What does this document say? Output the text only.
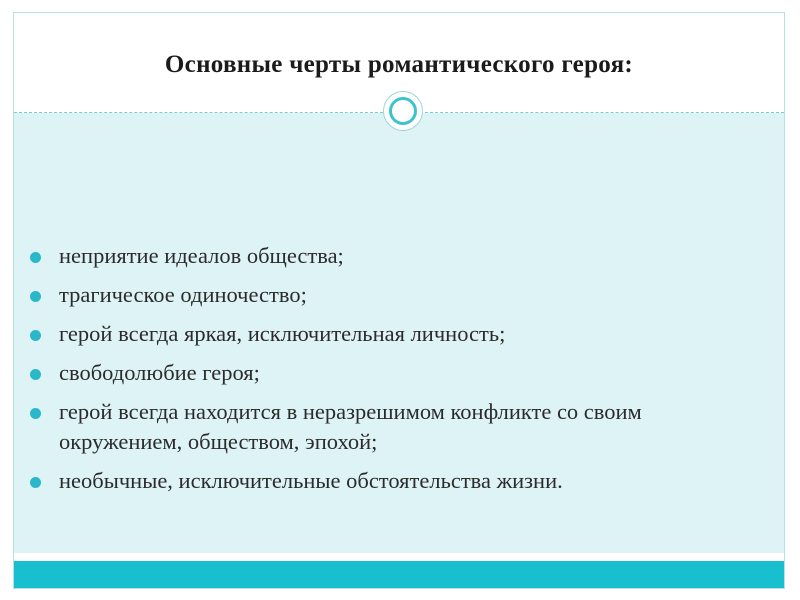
Основные черты романтического героя:
неприятие идеалов общества;
трагическое одиночество;
герой всегда яркая, исключительная личность;
свободолюбие героя;
герой всегда находится в неразрешимом конфликте со своим окружением, обществом, эпохой;
необычные, исключительные обстоятельства жизни.
